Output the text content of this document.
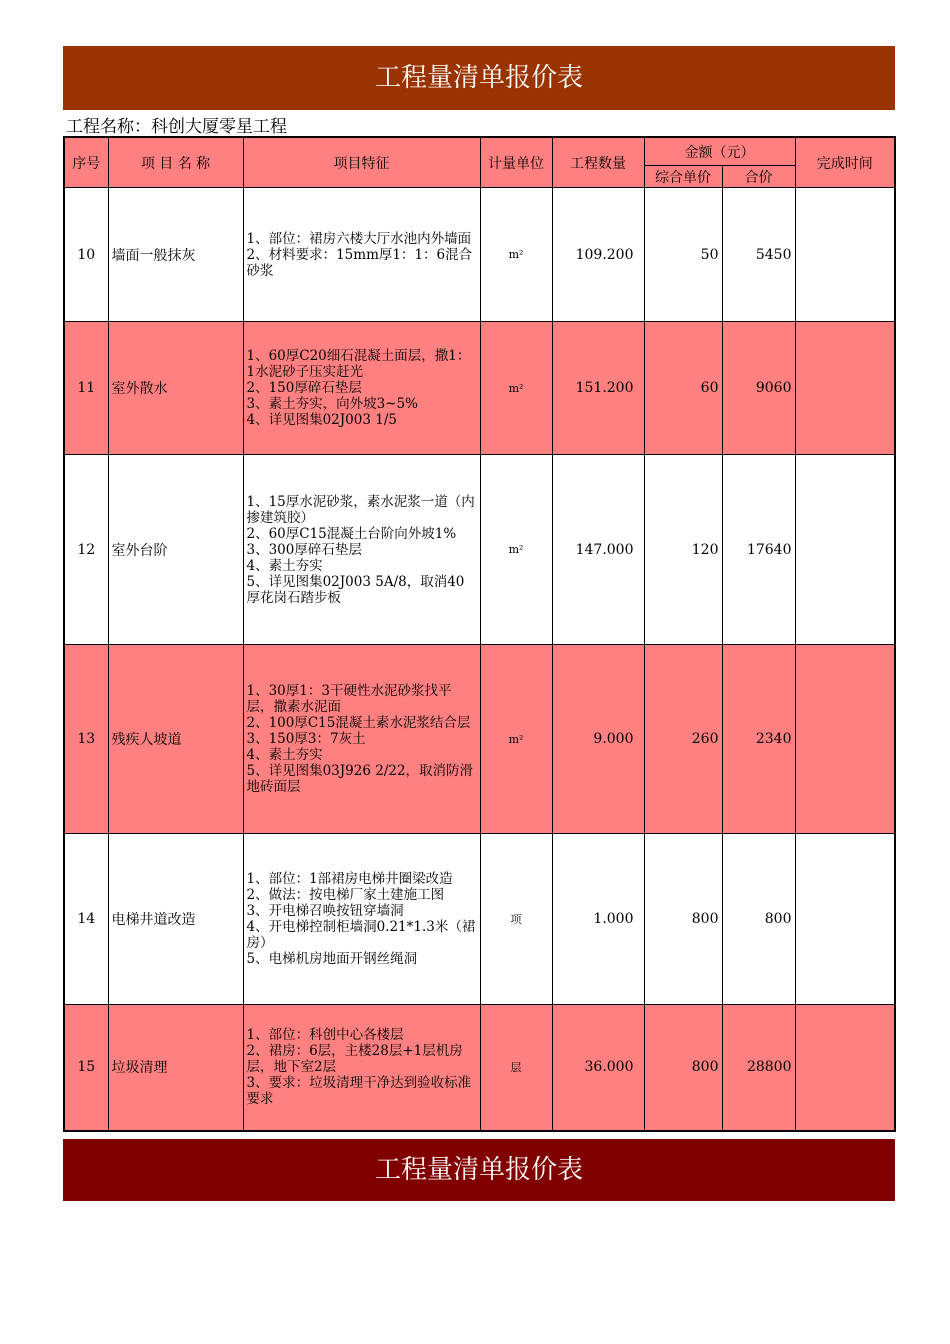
工程量清单报价表
工程名称：科创大厦零星工程
序号	项 目 名 称	项目特征	计量单位	工程数量	金额（元）		完成时间
					综合单价	合价	
10	墙面一般抹灰	1、部位：裙房六楼大厅水池内外墙面
2、材料要求：15mm厚1：1：6混合砂浆	m²	109.200	50	5450	
11	室外散水	1、60厚C20细石混凝土面层，撒1：1水泥砂子压实赶光
2、150厚碎石垫层
3、素土夯实，向外坡3~5%
4、详见图集02J003 1/5	m²	151.200	60	9060	
12	室外台阶	1、15厚水泥砂浆，素水泥浆一道（内掺建筑胶）
2、60厚C15混凝土台阶向外坡1%
3、300厚碎石垫层
4、素土夯实
5、详见图集02J003 5A/8，取消40厚花岗石踏步板	m²	147.000	120	17640	
13	残疾人坡道	1、30厚1：3干硬性水泥砂浆找平层，撒素水泥面
2、100厚C15混凝土素水泥浆结合层
3、150厚3：7灰土
4、素土夯实
5、详见图集03J926 2/22，取消防滑地砖面层	m²	9.000	260	2340	
14	电梯井道改造	1、部位：1部裙房电梯井圈梁改造
2、做法：按电梯厂家土建施工图
3、开电梯召唤按钮穿墙洞
4、开电梯控制柜墙洞0.21*1.3米（裙房）
5、电梯机房地面开钢丝绳洞	项	1.000	800	800	
15	垃圾清理	1、部位：科创中心各楼层
2、裙房：6层，主楼28层+1层机房层，地下室2层
3、要求：垃圾清理干净达到验收标准要求	层	36.000	800	28800	
工程量清单报价表
